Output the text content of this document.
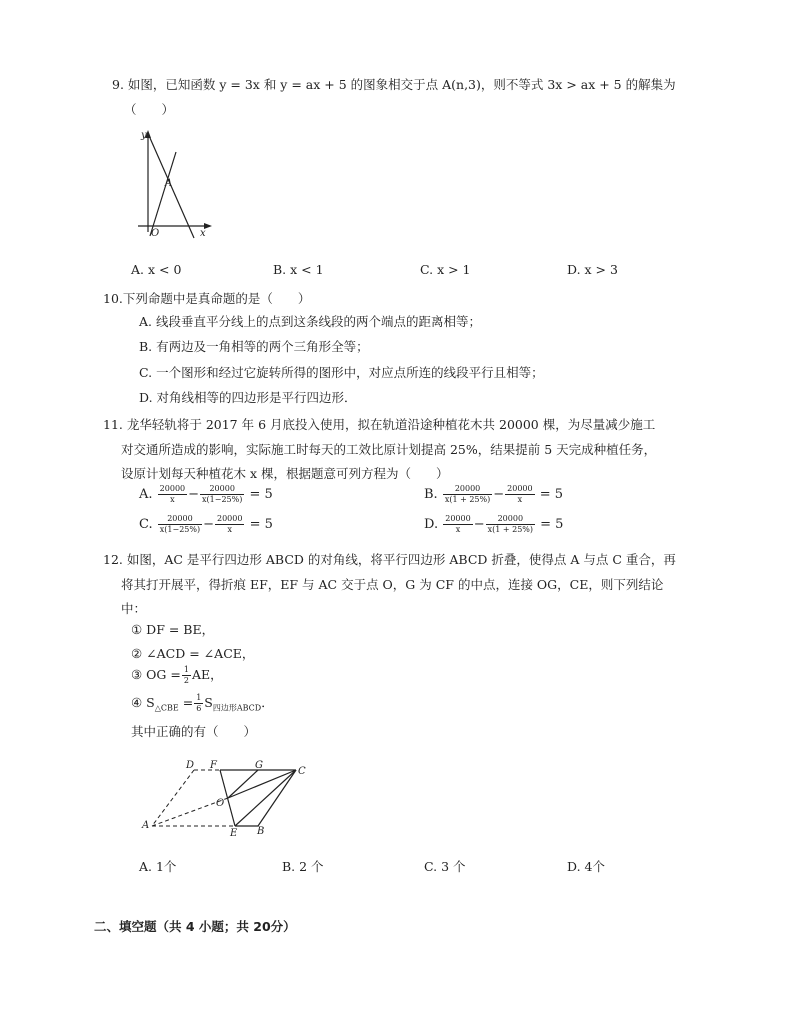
9. 如图，已知函数 y = 3x 和 y = ax + 5 的图象相交于点 A(n,3)，则不等式 3x > ax + 5 的解集为
（　　）
y
x
O
A
A. x < 0	B. x < 1	C. x > 1	D. x > 3
10.下列命题中是真命题的是（　　）
A. 线段垂直平分线上的点到这条线段的两个端点的距离相等；
B. 有两边及一角相等的两个三角形全等；
C. 一个图形和经过它旋转所得的图形中，对应点所连的线段平行且相等；
D. 对角线相等的四边形是平行四边形．
11. 龙华轻轨将于 2017 年 6 月底投入使用，拟在轨道沿途种植花木共 20000 棵，为尽量减少施工
对交通所造成的影响，实际施工时每天的工效比原计划提高 25%，结果提前 5 天完成种植任务，
设原计划每天种植花木 x 棵，根据题意可列方程为（　　）
A. $\frac{20000}{x} - \frac{20000}{x(1-25\%)} = 5$	B. $\frac{20000}{x(1 + 25\%)} - \frac{20000}{x} = 5$
C. $\frac{20000}{x(1-25\%)} - \frac{20000}{x} = 5$	D. $\frac{20000}{x} - \frac{20000}{x(1 + 25\%)} = 5$
12. 如图，AC 是平行四边形 ABCD 的对角线，将平行四边形 ABCD 折叠，使得点 A 与点 C 重合，再
将其打开展平，得折痕 EF，EF 与 AC 交于点 O，G 为 CF 的中点，连接 OG，CE，则下列结论
中：
① DF = BE，
② ∠ACD = ∠ACE，
③ OG = $\frac{1}{2}$ AE，
④ $S_{\triangle CBE} = \frac{1}{6} S_{四边形ABCD}$．
其中正确的有（　　）
D F	G
C
O
A
E B
A. 1个	B. 2 个	C. 3 个	D. 4个
二、填空题（共 4 小题；共 20分）
